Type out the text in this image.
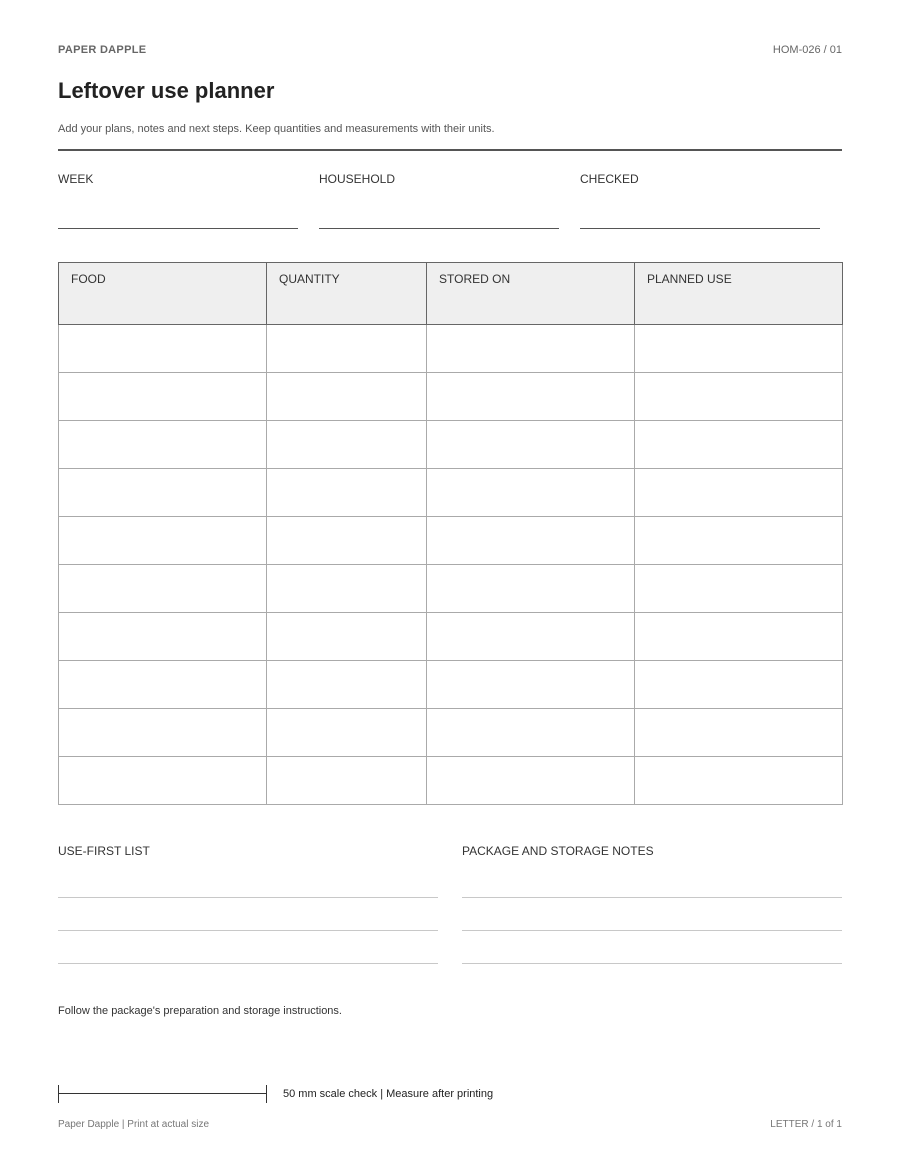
PAPER DAPPLE	HOM-026 / 01
Leftover use planner
Add your plans, notes and next steps. Keep quantities and measurements with their units.
WEEK	HOUSEHOLD	CHECKED
FOOD	QUANTITY	STORED ON	PLANNED USE

USE-FIRST LIST	PACKAGE AND STORAGE NOTES
Follow the package's preparation and storage instructions.
50 mm scale check | Measure after printing
Paper Dapple | Print at actual size	LETTER / 1 of 1
